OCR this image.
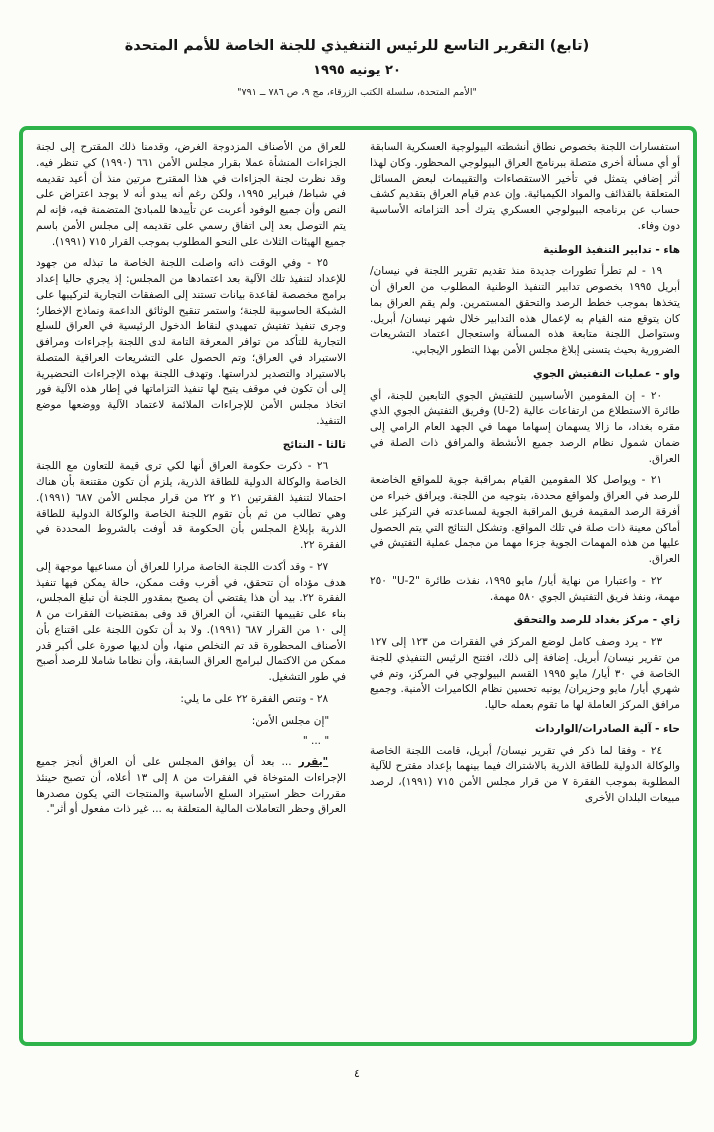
(تابع) التقرير التاسع للرئيس التنفيذي للجنة الخاصة للأمم المتحدة
٢٠ يونيه ١٩٩٥
"الأمم المتحدة، سلسلة الكتب الزرقاء، مج ٩، ص ٧٨٦ ــ ٧٩١"

استفسارات اللجنة بخصوص نطاق أنشطته البيولوجية العسكرية السابقة أو أي مسألة أخرى متصلة ببرنامج العراق البيولوجي المحظور. وكان لهذا أثر إضافي يتمثل في تأخير الاستقصاءات والتقييمات لبعض المسائل المتعلقة بالقذائف والمواد الكيميائية. وإن عدم قيام العراق بتقديم كشف حساب عن برنامجه البيولوجي العسكري يترك أحد التزاماته الأساسية دون وفاء.

هاء - تدابير التنفيذ الوطنية

١٩ - لم تطرأ تطورات جديدة منذ تقديم تقرير اللجنة في نيسان/ أبريل ١٩٩٥ بخصوص تدابير التنفيذ الوطنية المطلوب من العراق أن يتخذها بموجب خطط الرصد والتحقق المستمرين. ولم يقم العراق بما كان يتوقع منه القيام به لإعمال هذه التدابير خلال شهر نيسان/ أبريل. وستواصل اللجنة متابعة هذه المسألة واستعجال اعتماد التشريعات الضرورية بحيث يتسنى إبلاغ مجلس الأمن بهذا التطور الإيجابي.

واو - عمليات التفتيش الجوي

٢٠ - إن المقومين الأساسيين للتفتيش الجوي التابعين للجنة، أي طائرة الاستطلاع من ارتفاعات عالية (U-2) وفريق التفتيش الجوي الذي مقره بغداد، ما زالا يسهمان إسهاما مهما في الجهد العام الرامي إلى ضمان شمول نظام الرصد جميع الأنشطة والمرافق ذات الصلة في العراق.

٢١ - ويواصل كلا المقومين القيام بمراقبة جوية للمواقع الخاضعة للرصد في العراق ولمواقع محددة، بتوجيه من اللجنة. ويرافق خبراء من أفرقة الرصد المقيمة فريق المراقبة الجوية لمساعدته في التركيز على أماكن معينة ذات صلة في تلك المواقع. وتشكل النتائج التي يتم الحصول عليها من هذه المهمات الجوية جزءا مهما من مجمل عملية التفتيش في العراق.

٢٢ - واعتبارا من نهاية أيار/ مايو ١٩٩٥، نفذت طائرة "U-2" ٢٥٠ مهمة، ونفذ فريق التفتيش الجوي ٥٨٠ مهمة.

زاي - مركز بغداد للرصد والتحقق

٢٣ - يرد وصف كامل لوضع المركز في الفقرات من ١٢٣ إلى ١٢٧ من تقرير نيسان/ أبريل. إضافة إلى ذلك، افتتح الرئيس التنفيذي للجنة الخاصة في ٣٠ أيار/ مايو ١٩٩٥ القسم البيولوجي في المركز، وتم في شهري أيار/ مايو وحزيران/ يونيه تحسين نظام الكاميرات الأمنية. وجميع مرافق المركز العاملة لها ما تقوم بعمله حاليا.

حاء - آلية الصادرات/الواردات

٢٤ - وفقا لما ذكر في تقرير نيسان/ أبريل، قامت اللجنة الخاصة والوكالة الدولية للطاقة الذرية بالاشتراك فيما بينهما بإعداد مقترح للآلية المطلوبة بموجب الفقرة ٧ من قرار مجلس الأمن ٧١٥ (١٩٩١)، لرصد مبيعات البلدان الأخرى

للعراق من الأصناف المزدوجة الغرض، وقدمنا ذلك المقترح إلى لجنة الجزاءات المنشأة عملا بقرار مجلس الأمن ٦٦١ (١٩٩٠) كي تنظر فيه. وقد نظرت لجنة الجزاءات في هذا المقترح مرتين منذ أن أعيد تقديمه في شباط/ فبراير ١٩٩٥، ولكن رغم أنه يبدو أنه لا يوجد اعتراض على النص وأن جميع الوفود أعربت عن تأييدها للمبادئ المتضمنة فيه، فإنه لم يتم التوصل بعد إلى اتفاق رسمي على تقديمه إلى مجلس الأمن باسم جميع الهيئات الثلاث على النحو المطلوب بموجب القرار ٧١٥ (١٩٩١).

٢٥ - وفي الوقت ذاته واصلت اللجنة الخاصة ما تبذله من جهود للإعداد لتنفيذ تلك الآلية بعد اعتمادها من المجلس: إذ يجري حاليا إعداد برامج مخصصة لقاعدة بيانات تستند إلى الصفقات التجارية لتركيبها على الشبكة الحاسوبية للجنة؛ واستمر تنقيح الوثائق الداعمة ونماذج الإخطار؛ وجرى تنفيذ تفتيش تمهيدي لنقاط الدخول الرئيسية في العراق للسلع التجارية للتأكد من توافر المعرفة التامة لدى اللجنة بإجراءات ومرافق الاستيراد في العراق؛ وتم الحصول على التشريعات العراقية المتصلة بالاستيراد والتصدير لدراستها. وتهدف اللجنة بهذه الإجراءات التحضيرية إلى أن تكون في موقف يتيح لها تنفيذ التزاماتها في إطار هذه الآلية فور اتخاذ مجلس الأمن للإجراءات الملائمة لاعتماد الآلية ووضعها موضع التنفيذ.

ثالثا - النتائج

٢٦ - ذكرت حكومة العراق أنها لكي ترى قيمة للتعاون مع اللجنة الخاصة والوكالة الدولية للطاقة الذرية، يلزم أن تكون مقتنعة بأن هناك احتمالا لتنفيذ الفقرتين ٢١ و ٢٢ من قرار مجلس الأمن ٦٨٧ (١٩٩١). وهي تطالب من ثم بأن تقوم اللجنة الخاصة والوكالة الدولية للطاقة الذرية بإبلاغ المجلس بأن الحكومة قد أوفت بالشروط المحددة في الفقرة ٢٢.

٢٧ - وقد أكدت اللجنة الخاصة مرارا للعراق أن مساعيها موجهة إلى هدف مؤداه أن تتحقق، في أقرب وقت ممكن، حالة يمكن فيها تنفيذ الفقرة ٢٢. بيد أن هذا يقتضي أن يصبح بمقدور اللجنة أن تبلغ المجلس، بناء على تقييمها التقني، أن العراق قد وفى بمقتضيات الفقرات من ٨ إلى ١٠ من القرار ٦٨٧ (١٩٩١). ولا بد أن تكون اللجنة على اقتناع بأن الأصناف المحظورة قد تم التخلص منها، وأن لديها صورة على أكبر قدر ممكن من الاكتمال لبرامج العراق السابقة، وأن نظاما شاملا للرصد أصبح في طور التشغيل.

٢٨ - وتنص الفقرة ٢٢ على ما يلي:

"إن مجلس الأمن:

" ... "

"يقرر ... بعد أن يوافق المجلس على أن العراق أنجز جميع الإجراءات المتوخاة في الفقرات من ٨ إلى ١٣ أعلاه، أن تصبح حينئذ مقررات حظر استيراد السلع الأساسية والمنتجات التي يكون مصدرها العراق وحظر التعاملات المالية المتعلقة به ... غير ذات مفعول أو أثر".

٤
